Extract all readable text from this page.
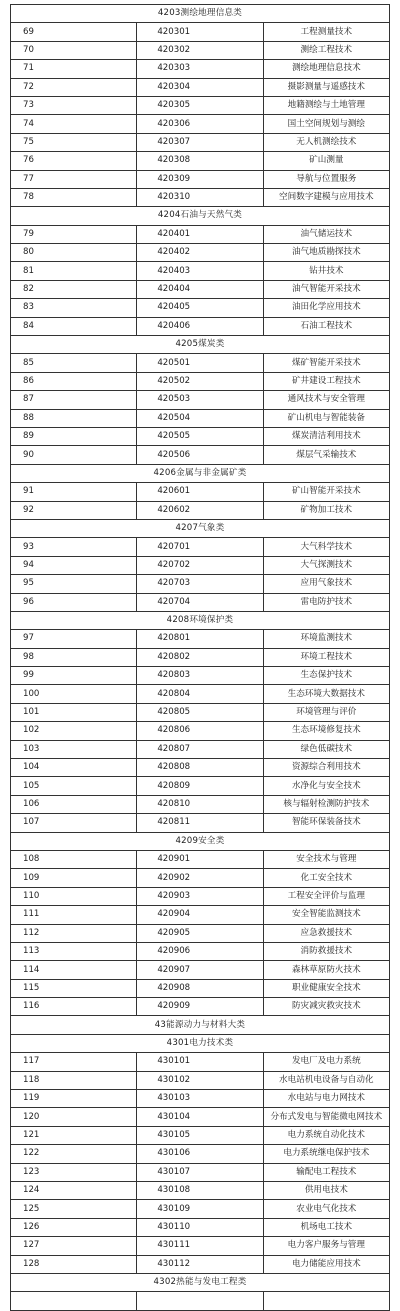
4203测绘地理信息类		
69	420301	工程测量技术
70	420302	测绘工程技术
71	420303	测绘地理信息技术
72	420304	摄影测量与遥感技术
73	420305	地籍测绘与土地管理
74	420306	国土空间规划与测绘
75	420307	无人机测绘技术
76	420308	矿山测量
77	420309	导航与位置服务
78	420310	空间数字建模与应用技术
4204石油与天然气类		
79	420401	油气储运技术
80	420402	油气地质勘探技术
81	420403	钻井技术
82	420404	油气智能开采技术
83	420405	油田化学应用技术
84	420406	石油工程技术
4205煤炭类		
85	420501	煤矿智能开采技术
86	420502	矿井建设工程技术
87	420503	通风技术与安全管理
88	420504	矿山机电与智能装备
89	420505	煤炭清洁利用技术
90	420506	煤层气采输技术
4206金属与非金属矿类		
91	420601	矿山智能开采技术
92	420602	矿物加工技术
4207气象类		
93	420701	大气科学技术
94	420702	大气探测技术
95	420703	应用气象技术
96	420704	雷电防护技术
4208环境保护类		
97	420801	环境监测技术
98	420802	环境工程技术
99	420803	生态保护技术
100	420804	生态环境大数据技术
101	420805	环境管理与评价
102	420806	生态环境修复技术
103	420807	绿色低碳技术
104	420808	资源综合利用技术
105	420809	水净化与安全技术
106	420810	核与辐射检测防护技术
107	420811	智能环保装备技术
4209安全类		
108	420901	安全技术与管理
109	420902	化工安全技术
110	420903	工程安全评价与监理
111	420904	安全智能监测技术
112	420905	应急救援技术
113	420906	消防救援技术
114	420907	森林草原防火技术
115	420908	职业健康安全技术
116	420909	防灾减灾救灾技术
43能源动力与材料大类		
4301电力技术类		
117	430101	发电厂及电力系统
118	430102	水电站机电设备与自动化
119	430103	水电站与电力网技术
120	430104	分布式发电与智能微电网技术
121	430105	电力系统自动化技术
122	430106	电力系统继电保护技术
123	430107	输配电工程技术
124	430108	供用电技术
125	430109	农业电气化技术
126	430110	机场电工技术
127	430111	电力客户服务与管理
128	430112	电力储能应用技术
4302热能与发电工程类		
